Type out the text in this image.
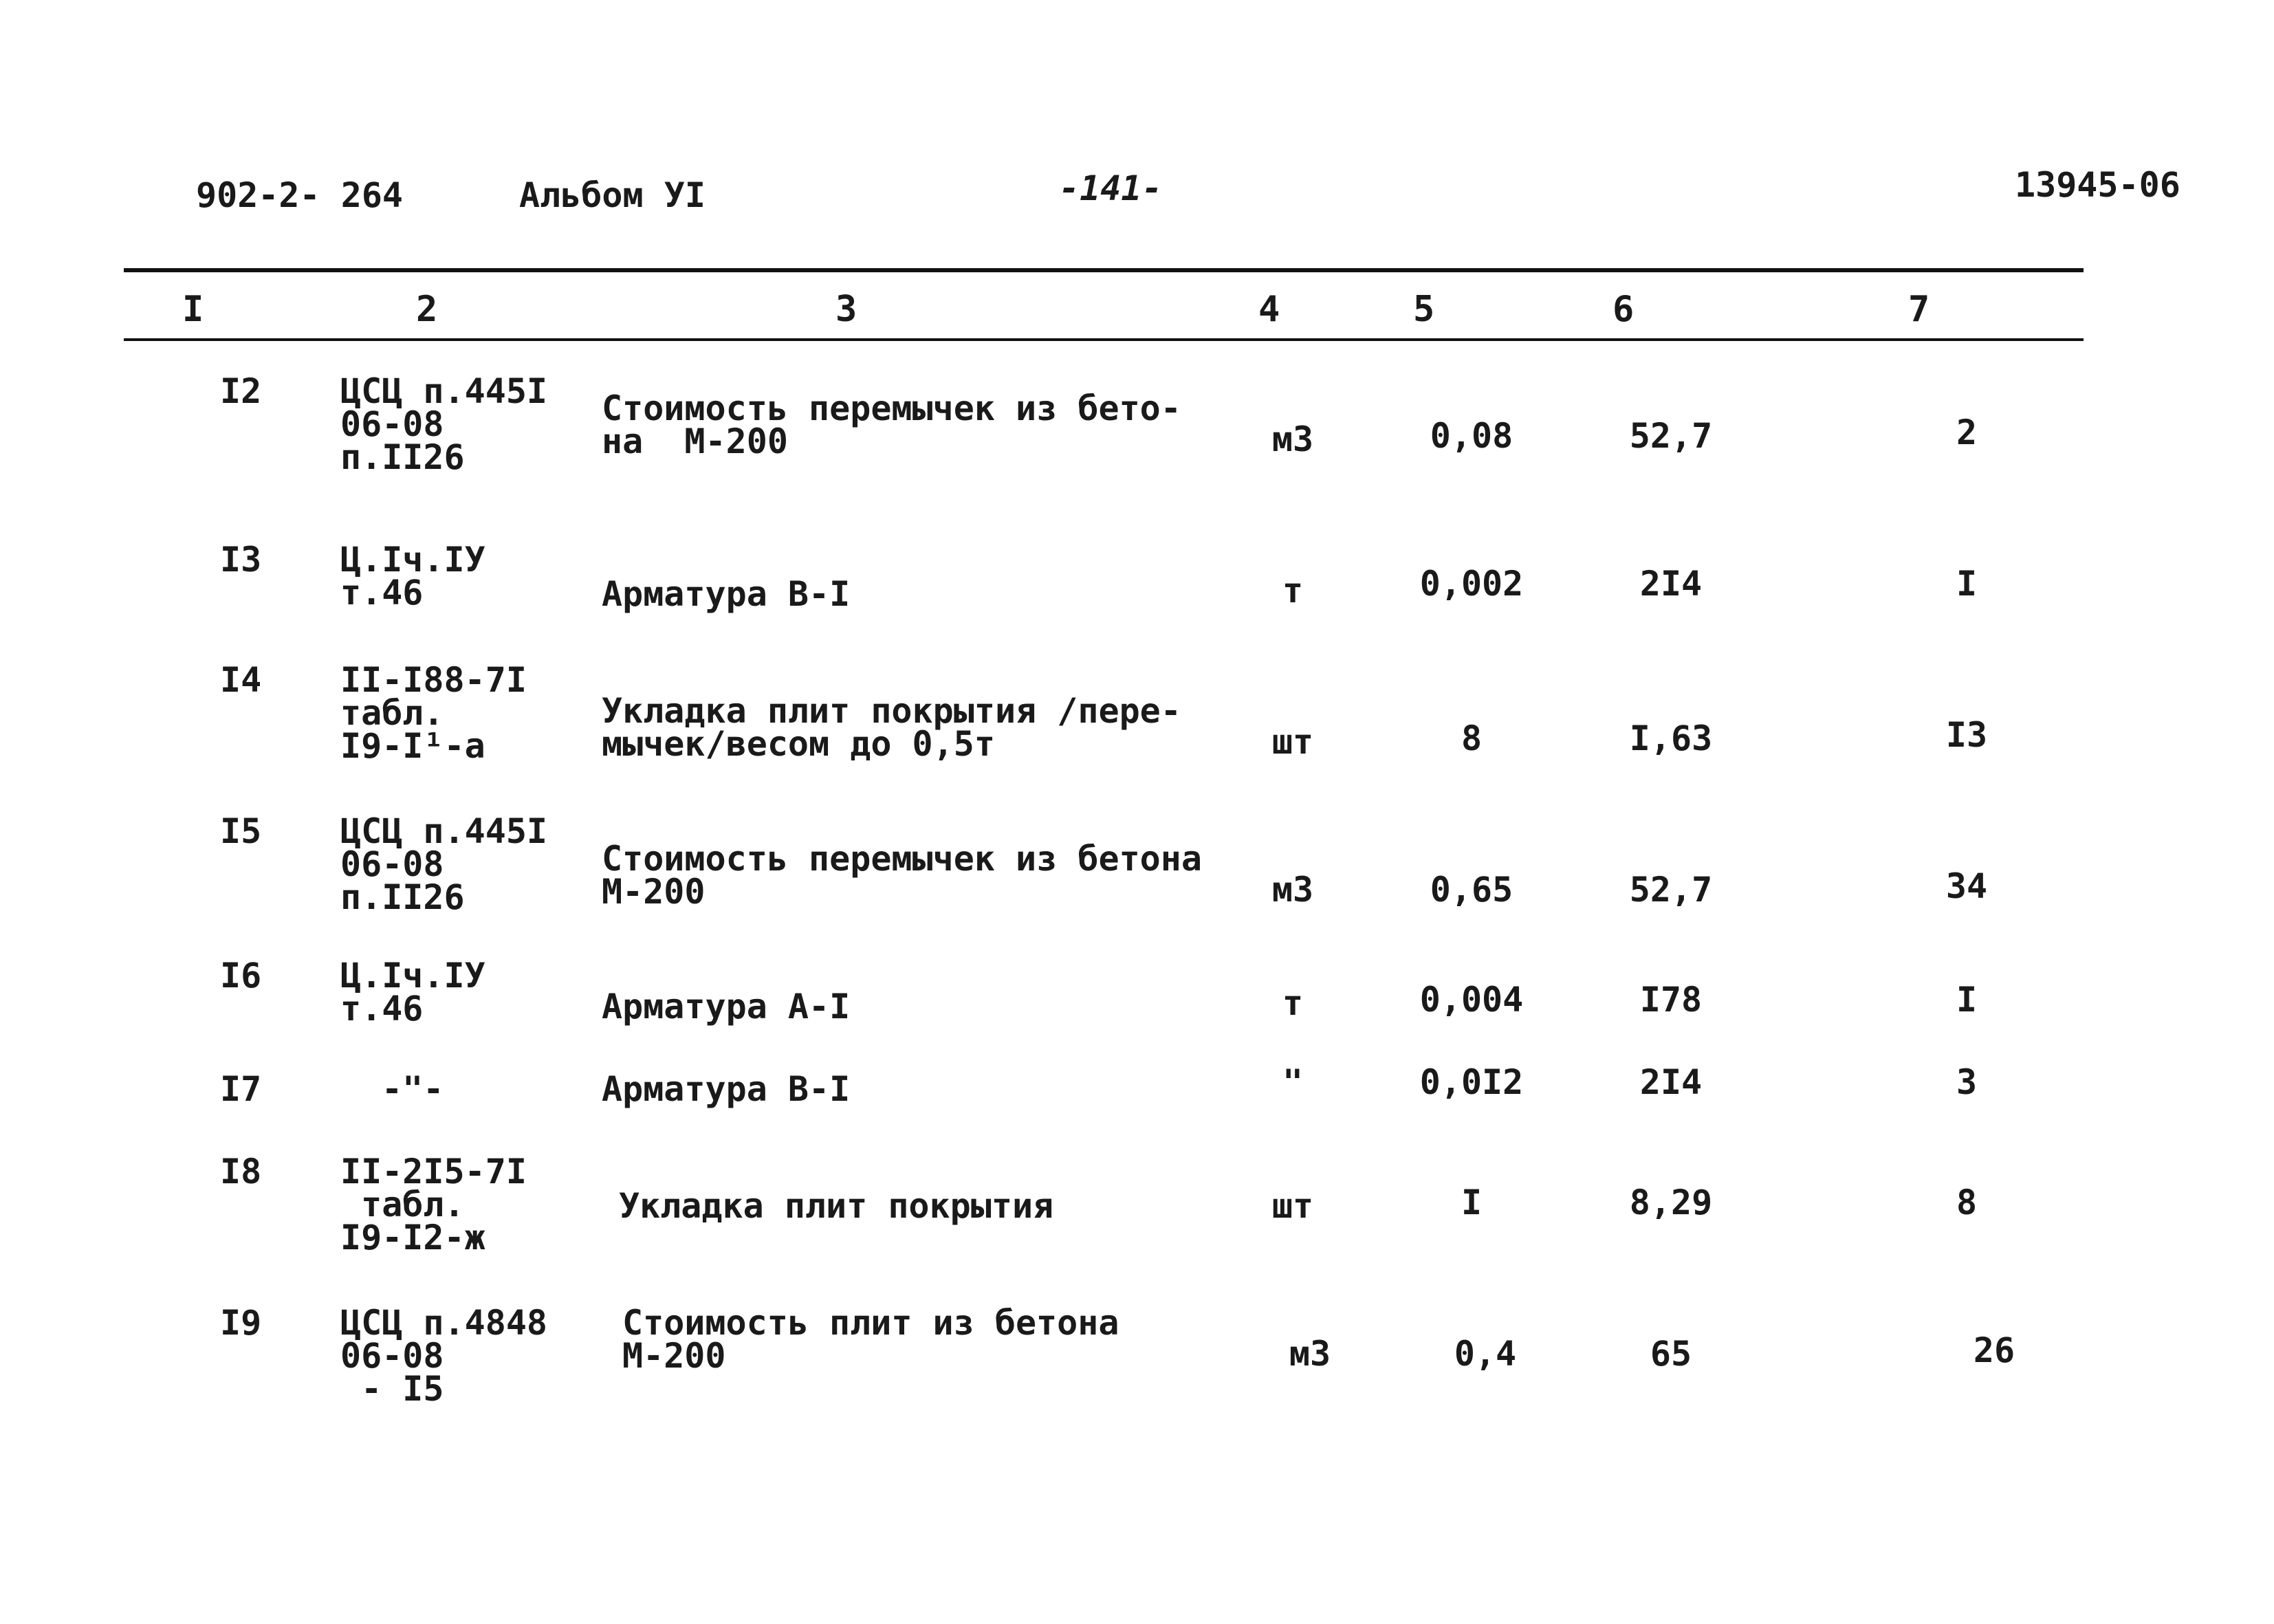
902-2- 264	Альбом УI	-141-	13945-06
I	2	3	4	5	6	7
I2 ЦСЦ п.445I
06-08
п.II26
Стоимость перемычек из бето-
на  М-200	м3	0,08	52,7	2
I3 Ц.Iч.IУ
т.46	Арматура В-I	т	0,002	2I4	I
I4 II-I88-7I
табл.
I9-I¹-а
Укладка плит покрытия /пере-
мычек/весом до 0,5т	шт	8	I,63	I3
I5 ЦСЦ п.445I
06-08
п.II26
Стоимость перемычек из бетона
М-200	м3	0,65	52,7	34
I6 Ц.Iч.IУ
т.46	Арматура А-I	т	0,004	I78	I
I7	-"-	Арматура В-I	"	0,0I2	2I4	3
I8 II-2I5-7I
табл.
I9-I2-ж
Укладка плит покрытия	шт	I	8,29	8
I9 ЦСЦ п.4848
06-08
- I5
Стоимость плит из бетона
М-200	м3	0,4	65	26
